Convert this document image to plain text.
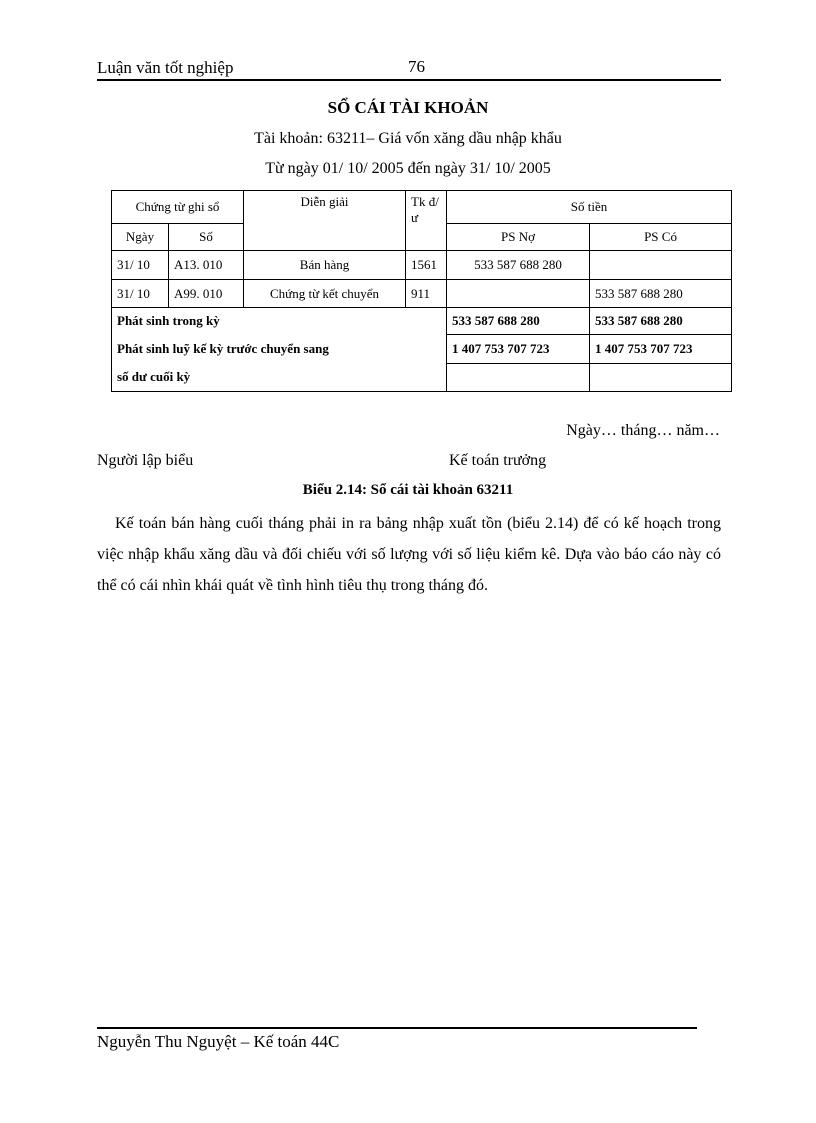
Luận văn tốt nghiệp	76
SỔ CÁI TÀI KHOẢN
Tài khoản: 63211– Giá vốn xăng dầu nhập khẩu
Từ ngày 01/ 10/ 2005 đến ngày 31/ 10/ 2005
Chứng từ ghi sổ		Diễn giải	Tk đ/ ư	Số tiền	
Ngày	Số			PS Nợ	PS Có
31/ 10	A13. 010	Bán hàng	1561	533 587 688 280	
31/ 10	A99. 010	Chứng từ kết chuyển	911		533 587 688 280
Phát sinh trong kỳ				533 587 688 280	533 587 688 280
Phát sinh luỹ kế kỳ trước chuyển sang				1 407 753 707 723	1 407 753 707 723
số dư cuối kỳ					
Ngày… tháng… năm…
Người lập biểu	Kế toán trưởng
Biểu 2.14: Sổ cái tài khoản 63211
Kế toán bán hàng cuối tháng phải in ra bảng nhập xuất tồn (biểu 2.14) để có kế hoạch trong việc nhập khẩu xăng dầu và đối chiếu với số lượng với số liệu kiểm kê. Dựa vào báo cáo này có thể có cái nhìn khái quát về tình hình tiêu thụ trong tháng đó.
Nguyễn Thu Nguyệt – Kế toán 44C
